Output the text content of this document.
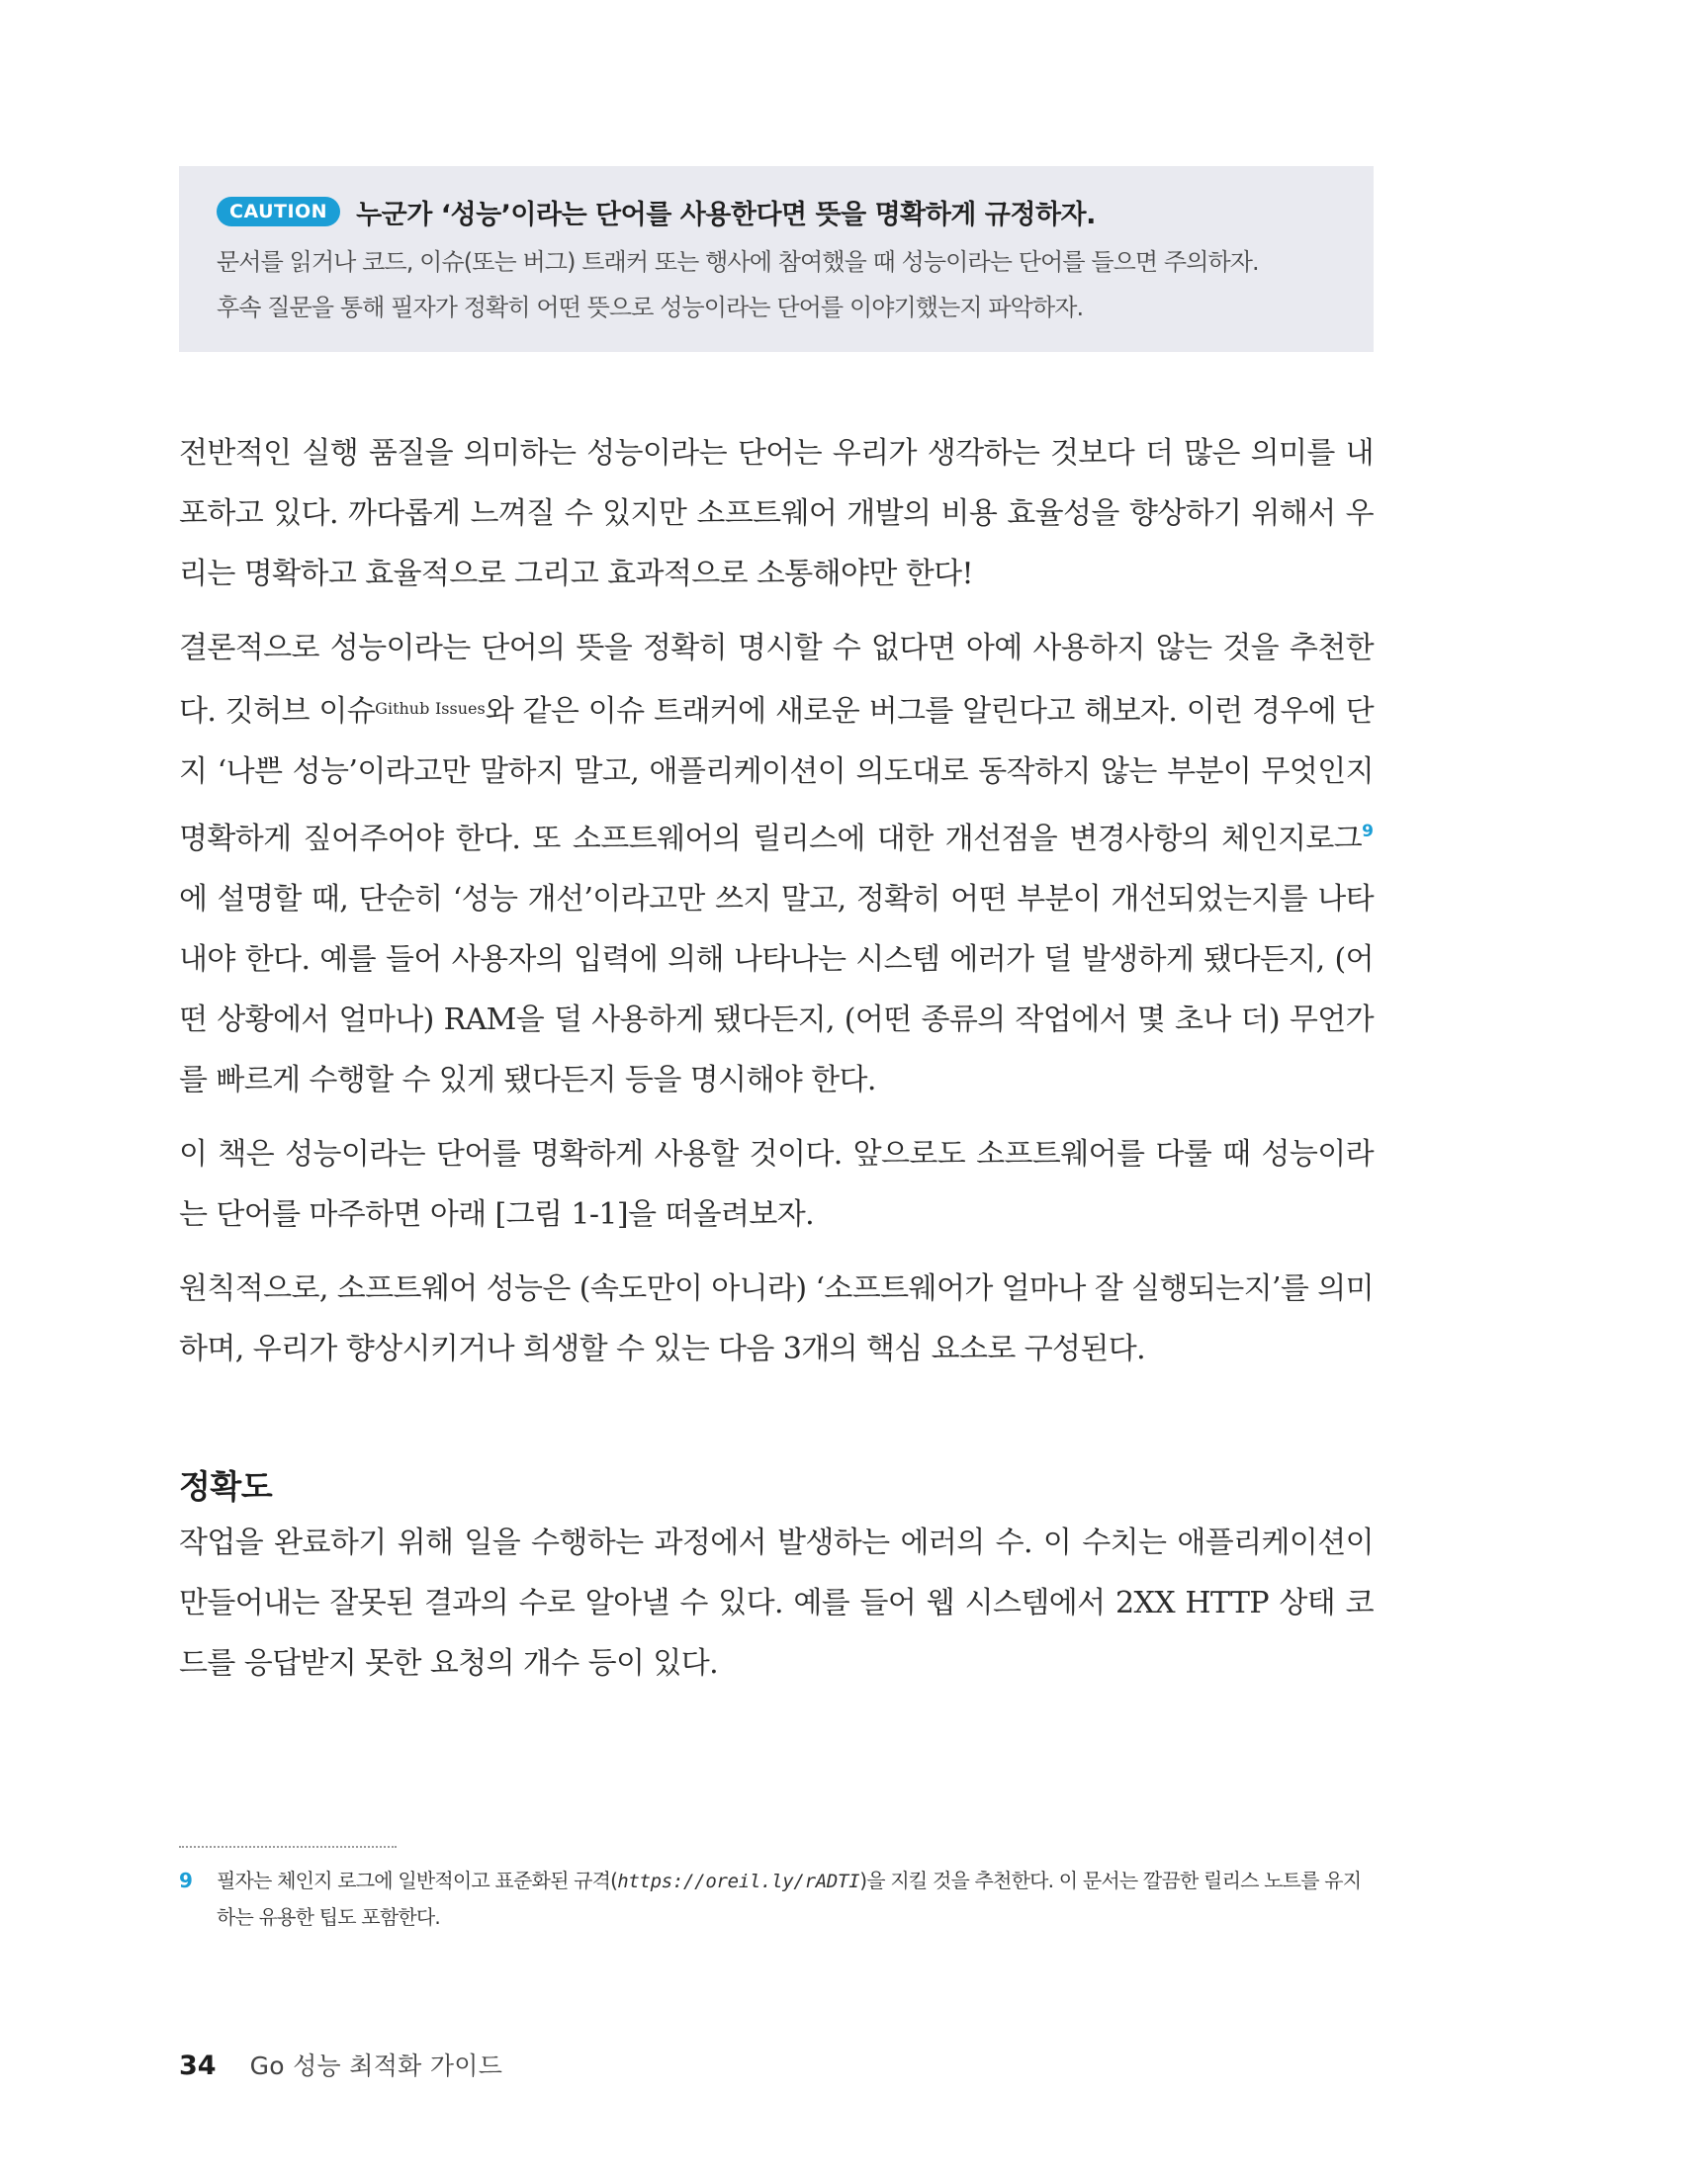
CAUTION	누군가 ‘성능’이라는 단어를 사용한다면 뜻을 명확하게 규정하자.
문서를 읽거나 코드, 이슈(또는 버그) 트래커 또는 행사에 참여했을 때 성능이라는 단어를 들으면 주의하자.
후속 질문을 통해 필자가 정확히 어떤 뜻으로 성능이라는 단어를 이야기했는지 파악하자.

전반적인 실행 품질을 의미하는 성능이라는 단어는 우리가 생각하는 것보다 더 많은 의미를 내포하고 있다. 까다롭게 느껴질 수 있지만 소프트웨어 개발의 비용 효율성을 향상하기 위해서 우리는 명확하고 효율적으로 그리고 효과적으로 소통해야만 한다!

결론적으로 성능이라는 단어의 뜻을 정확히 명시할 수 없다면 아예 사용하지 않는 것을 추천한다. 깃허브 이슈$^{Github Issues}$와 같은 이슈 트래커에 새로운 버그를 알린다고 해보자. 이런 경우에 단지 ‘나쁜 성능’이라고만 말하지 말고, 애플리케이션이 의도대로 동작하지 않는 부분이 무엇인지 명확하게 짚어주어야 한다. 또 소프트웨어의 릴리스에 대한 개선점을 변경사항의 체인지로그$^9$에 설명할 때, 단순히 ‘성능 개선’이라고만 쓰지 말고, 정확히 어떤 부분이 개선되었는지를 나타내야 한다. 예를 들어 사용자의 입력에 의해 나타나는 시스템 에러가 덜 발생하게 됐다든지, (어떤 상황에서 얼마나) RAM을 덜 사용하게 됐다든지, (어떤 종류의 작업에서 몇 초나 더) 무언가를 빠르게 수행할 수 있게 됐다든지 등을 명시해야 한다.

이 책은 성능이라는 단어를 명확하게 사용할 것이다. 앞으로도 소프트웨어를 다룰 때 성능이라는 단어를 마주하면 아래 [그림 1-1]을 떠올려보자.

원칙적으로, 소프트웨어 성능은 (속도만이 아니라) ‘소프트웨어가 얼마나 잘 실행되는지’를 의미하며, 우리가 향상시키거나 희생할 수 있는 다음 3개의 핵심 요소로 구성된다.

정확도

작업을 완료하기 위해 일을 수행하는 과정에서 발생하는 에러의 수. 이 수치는 애플리케이션이 만들어내는 잘못된 결과의 수로 알아낼 수 있다. 예를 들어 웹 시스템에서 2XX HTTP 상태 코드를 응답받지 못한 요청의 개수 등이 있다.

9 필자는 체인지 로그에 일반적이고 표준화된 규격(https://oreil.ly/rADTI)을 지킬 것을 추천한다. 이 문서는 깔끔한 릴리스 노트를 유지하는 유용한 팁도 포함한다.
34 Go 성능 최적화 가이드
